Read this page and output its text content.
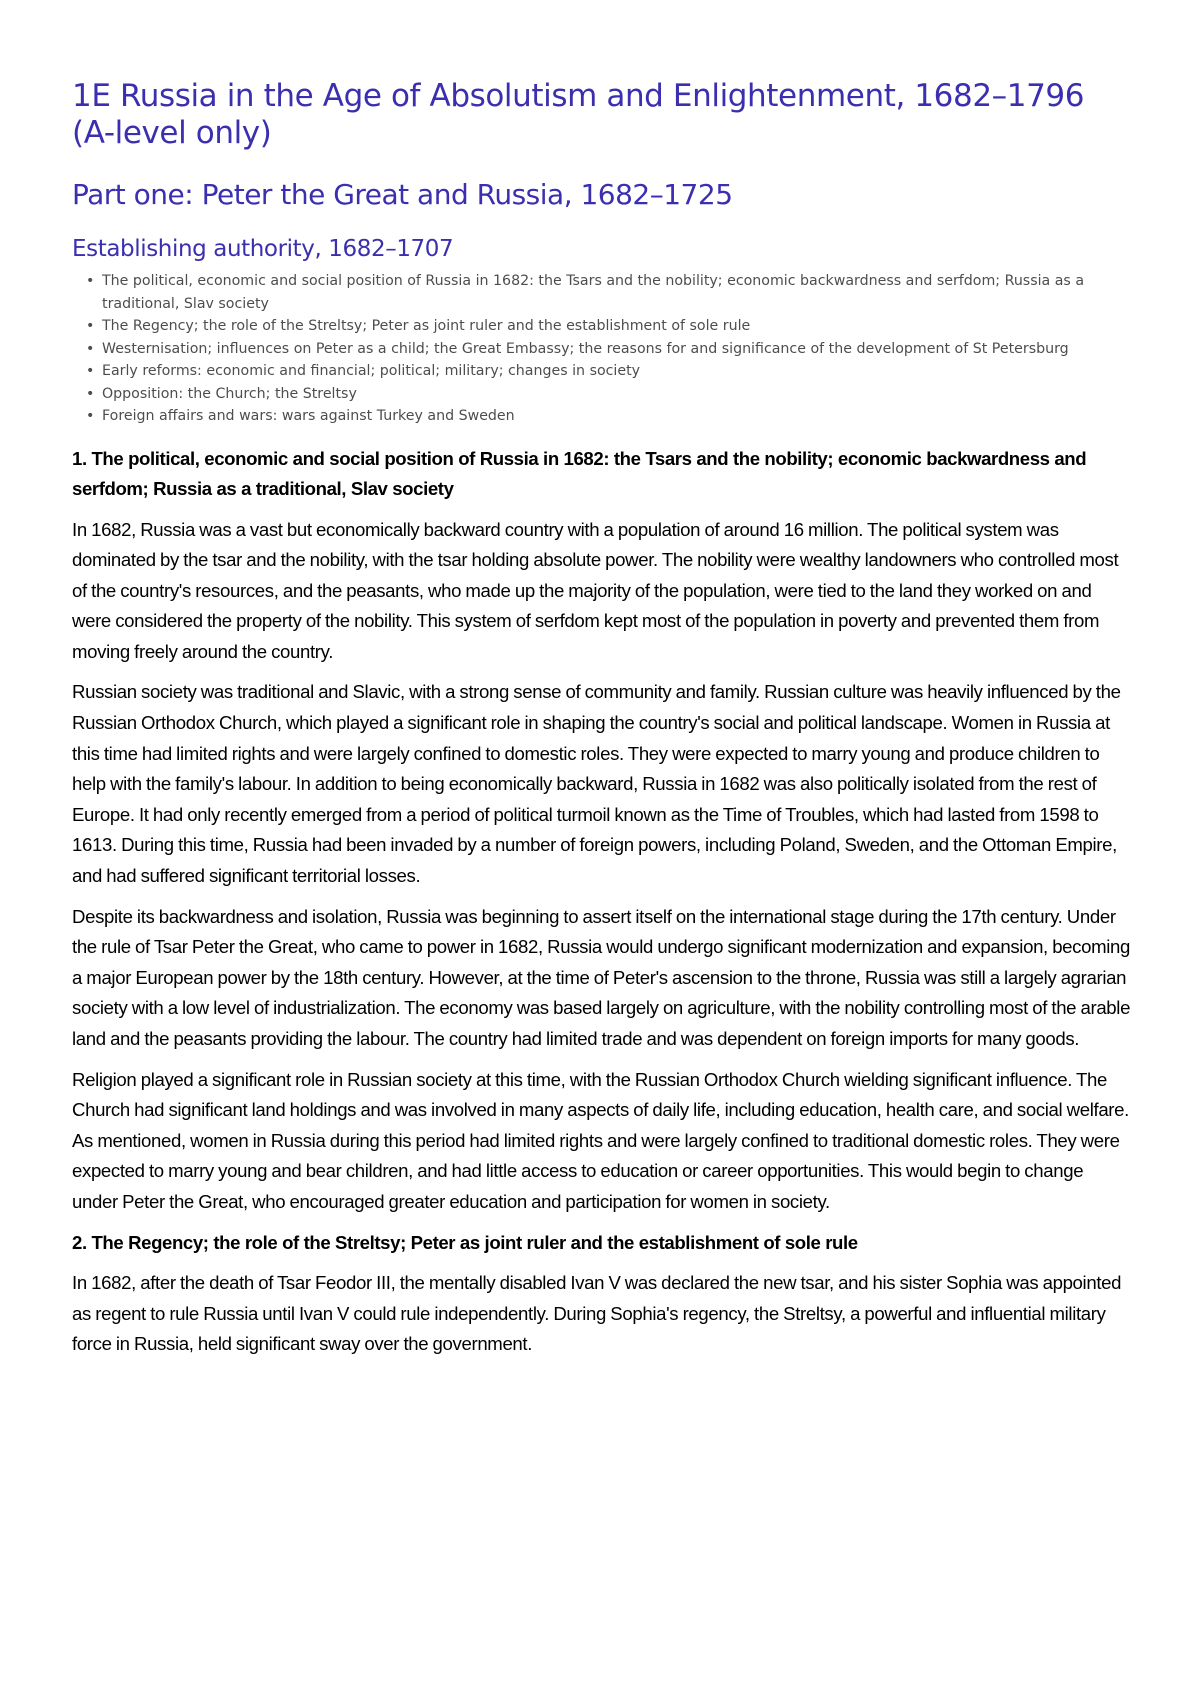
1E Russia in the Age of Absolutism and Enlightenment, 1682–1796 (A-level only)
Part one: Peter the Great and Russia, 1682–1725
Establishing authority, 1682–1707
• The political, economic and social position of Russia in 1682: the Tsars and the nobility; economic backwardness and serfdom; Russia as a traditional, Slav society
• The Regency; the role of the Streltsy; Peter as joint ruler and the establishment of sole rule
• Westernisation; influences on Peter as a child; the Great Embassy; the reasons for and significance of the development of St Petersburg
• Early reforms: economic and financial; political; military; changes in society
• Opposition: the Church; the Streltsy
• Foreign affairs and wars: wars against Turkey and Sweden
1. The political, economic and social position of Russia in 1682: the Tsars and the nobility; economic backwardness and serfdom; Russia as a traditional, Slav society

In 1682, Russia was a vast but economically backward country with a population of around 16 million. The political system was dominated by the tsar and the nobility, with the tsar holding absolute power. The nobility were wealthy landowners who controlled most of the country's resources, and the peasants, who made up the majority of the population, were tied to the land they worked on and were considered the property of the nobility. This system of serfdom kept most of the population in poverty and prevented them from moving freely around the country.

Russian society was traditional and Slavic, with a strong sense of community and family. Russian culture was heavily influenced by the Russian Orthodox Church, which played a significant role in shaping the country's social and political landscape. Women in Russia at this time had limited rights and were largely confined to domestic roles. They were expected to marry young and produce children to help with the family's labour. In addition to being economically backward, Russia in 1682 was also politically isolated from the rest of Europe. It had only recently emerged from a period of political turmoil known as the Time of Troubles, which had lasted from 1598 to 1613. During this time, Russia had been invaded by a number of foreign powers, including Poland, Sweden, and the Ottoman Empire, and had suffered significant territorial losses.

Despite its backwardness and isolation, Russia was beginning to assert itself on the international stage during the 17th century. Under the rule of Tsar Peter the Great, who came to power in 1682, Russia would undergo significant modernization and expansion, becoming a major European power by the 18th century. However, at the time of Peter's ascension to the throne, Russia was still a largely agrarian society with a low level of industrialization. The economy was based largely on agriculture, with the nobility controlling most of the arable land and the peasants providing the labour. The country had limited trade and was dependent on foreign imports for many goods.

Religion played a significant role in Russian society at this time, with the Russian Orthodox Church wielding significant influence. The Church had significant land holdings and was involved in many aspects of daily life, including education, health care, and social welfare. As mentioned, women in Russia during this period had limited rights and were largely confined to traditional domestic roles. They were expected to marry young and bear children, and had little access to education or career opportunities. This would begin to change under Peter the Great, who encouraged greater education and participation for women in society.

2. The Regency; the role of the Streltsy; Peter as joint ruler and the establishment of sole rule

In 1682, after the death of Tsar Feodor III, the mentally disabled Ivan V was declared the new tsar, and his sister Sophia was appointed as regent to rule Russia until Ivan V could rule independently. During Sophia's regency, the Streltsy, a powerful and influential military force in Russia, held significant sway over the government.
